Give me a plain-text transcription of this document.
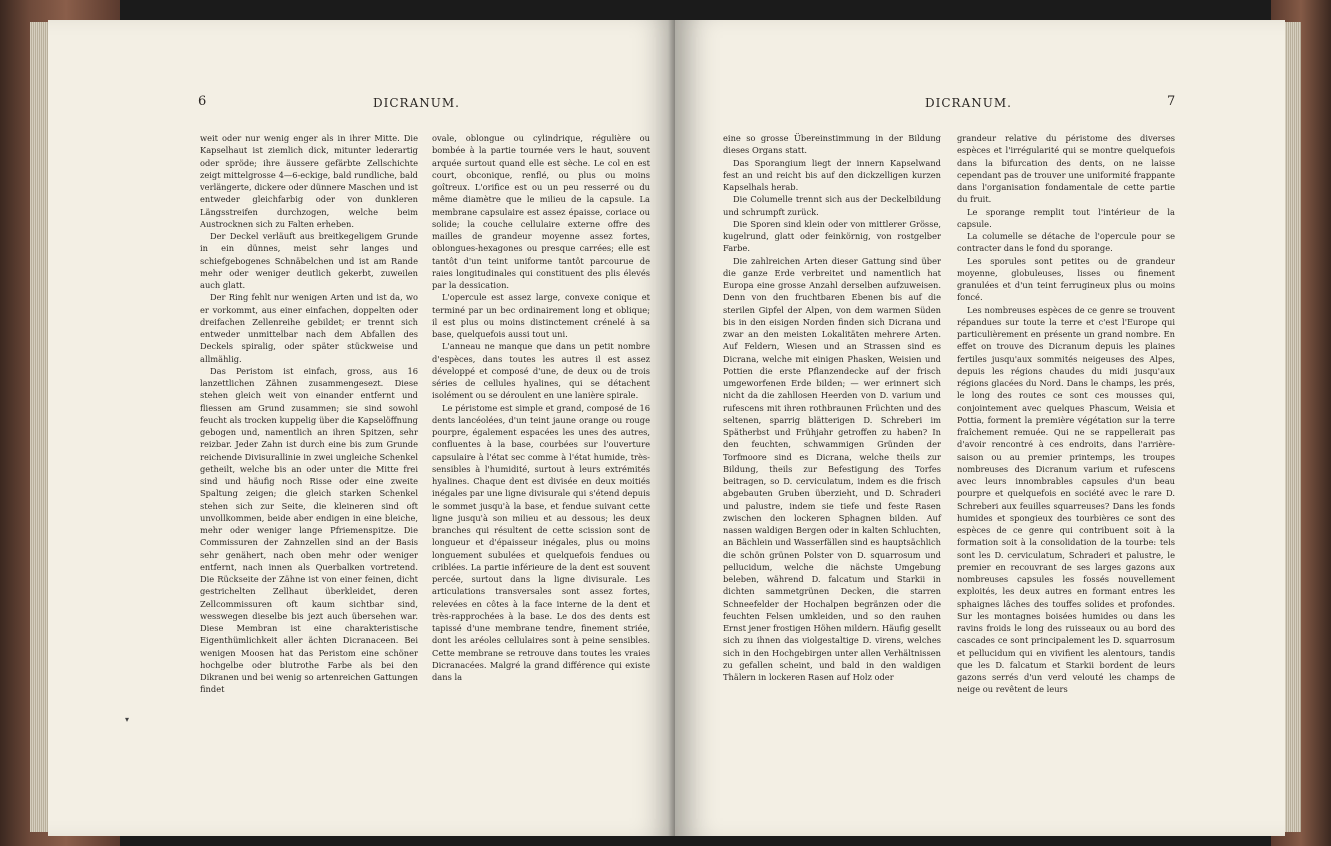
6	DICRANUM.

weit oder nur wenig enger als in ihrer Mitte. Die Kapselhaut ist ziemlich dick, mitunter lederartig oder spröde; ihre äussere gefärbte Zellschichte zeigt mittelgrosse 4—6-eckige, bald rundliche, bald verlängerte, dickere oder dünnere Maschen und ist entweder gleichfarbig oder von dunkleren Längsstreifen durchzogen, welche beim Austrocknen sich zu Falten erheben.

Der Deckel verläuft aus breitkegeligem Grunde in ein dünnes, meist sehr langes und schiefgebogenes Schnäbelchen und ist am Rande mehr oder weniger deutlich gekerbt, zuweilen auch glatt.

Der Ring fehlt nur wenigen Arten und ist da, wo er vorkommt, aus einer einfachen, doppelten oder dreifachen Zellenreihe gebildet; er trennt sich entweder unmittelbar nach dem Abfallen des Deckels spiralig, oder später stückweise und allmählig.

Das Peristom ist einfach, gross, aus 16 lanzettlichen Zähnen zusammengesezt. Diese stehen gleich weit von einander entfernt und fliessen am Grund zusammen; sie sind sowohl feucht als trocken kuppelig über die Kapselöffnung gebogen und, namentlich an ihren Spitzen, sehr reizbar. Jeder Zahn ist durch eine bis zum Grunde reichende Divisurallinie in zwei ungleiche Schenkel getheilt, welche bis an oder unter die Mitte frei sind und häufig noch Risse oder eine zweite Spaltung zeigen; die gleich starken Schenkel stehen sich zur Seite, die kleineren sind oft unvollkommen, beide aber endigen in eine bleiche, mehr oder weniger lange Pfriemenspitze. Die Commissuren der Zahnzellen sind an der Basis sehr genähert, nach oben mehr oder weniger entfernt, nach innen als Querbalken vortretend. Die Rückseite der Zähne ist von einer feinen, dicht gestrichelten Zellhaut überkleidet, deren Zellcommissuren oft kaum sichtbar sind, wesswegen dieselbe bis jezt auch übersehen war. Diese Membran ist eine charakteristische Eigenthümlichkeit aller ächten Dicranaceen. Bei wenigen Moosen hat das Peristom eine schöner hochgelbe oder blutrothe Farbe als bei den Dikranen und bei wenig so artenreichen Gattungen findet

ovale, oblongue ou cylindrique, régulière ou bombée à la partie tournée vers le haut, souvent arquée surtout quand elle est sèche. Le col en est court, obconique, renflé, ou plus ou moins goîtreux. L'orifice est ou un peu resserré ou du même diamètre que le milieu de la capsule. La membrane capsulaire est assez épaisse, coriace ou solide; la couche cellulaire externe offre des mailles de grandeur moyenne assez fortes, oblongues-hexagones ou presque carrées; elle est tantôt d'un teint uniforme tantôt parcourue de raies longitudinales qui constituent des plis élevés par la dessication.

L'opercule est assez large, convexe conique et terminé par un bec ordinairement long et oblique; il est plus ou moins distinctement crénelé à sa base, quelquefois aussi tout uni.

L'anneau ne manque que dans un petit nombre d'espèces, dans toutes les autres il est assez développé et composé d'une, de deux ou de trois séries de cellules hyalines, qui se détachent isolément ou se déroulent en une lanière spirale.

Le péristome est simple et grand, composé de 16 dents lancéolées, d'un teint jaune orange ou rouge pourpre, également espacées les unes des autres, confluentes à la base, courbées sur l'ouverture capsulaire à l'état sec comme à l'état humide, très-sensibles à l'humidité, surtout à leurs extrémités hyalines. Chaque dent est divisée en deux moitiés inégales par une ligne divisurale qui s'étend depuis le sommet jusqu'à la base, et fendue suivant cette ligne jusqu'à son milieu et au dessous; les deux branches qui résultent de cette scission sont de longueur et d'épaisseur inégales, plus ou moins longuement subulées et quelquefois fendues ou criblées. La partie inférieure de la dent est souvent percée, surtout dans la ligne divisurale. Les articulations transversales sont assez fortes, relevées en côtes à la face interne de la dent et très-rapprochées à la base. Le dos des dents est tapissé d'une membrane tendre, finement striée, dont les aréoles cellulaires sont à peine sensibles. Cette membrane se retrouve dans toutes les vraies Dicranacées. Malgré la grand différence qui existe dans la

▾
DICRANUM.	7

eine so grosse Übereinstimmung in der Bildung dieses Organs statt.

Das Sporangium liegt der innern Kapselwand fest an und reicht bis auf den dickzelligen kurzen Kapselhals herab.

Die Columelle trennt sich aus der Deckelbildung und schrumpft zurück.

Die Sporen sind klein oder von mittlerer Grösse, kugelrund, glatt oder feinkörnig, von rostgelber Farbe.

Die zahlreichen Arten dieser Gattung sind über die ganze Erde verbreitet und namentlich hat Europa eine grosse Anzahl derselben aufzuweisen. Denn von den fruchtbaren Ebenen bis auf die sterilen Gipfel der Alpen, von dem warmen Süden bis in den eisigen Norden finden sich Dicrana und zwar an den meisten Lokalitäten mehrere Arten. Auf Feldern, Wiesen und an Strassen sind es Dicrana, welche mit einigen Phasken, Weisien und Pottien die erste Pflanzendecke auf der frisch umgeworfenen Erde bilden; — wer erinnert sich nicht da die zahllosen Heerden von D. varium und rufescens mit ihren rothbraunen Früchten und des seltenen, sparrig blätterigen D. Schreberi im Spätherbst und Frühjahr getroffen zu haben? In den feuchten, schwammigen Gründen der Torfmoore sind es Dicrana, welche theils zur Bildung, theils zur Befestigung des Torfes beitragen, so D. cerviculatum, indem es die frisch abgebauten Gruben überzieht, und D. Schraderi und palustre, indem sie tiefe und feste Rasen zwischen den lockeren Sphagnen bilden. Auf nassen waldigen Bergen oder in kalten Schluchten, an Bächlein und Wasserfällen sind es hauptsächlich die schön grünen Polster von D. squarrosum und pellucidum, welche die nächste Umgebung beleben, während D. falcatum und Starkii in dichten sammetgrünen Decken, die starren Schneefelder der Hochalpen begränzen oder die feuchten Felsen umkleiden, und so den rauhen Ernst jener frostigen Höhen mildern. Häufig gesellt sich zu ihnen das violgestaltige D. virens, welches sich in den Hochgebirgen unter allen Verhältnissen zu gefallen scheint, und bald in den waldigen Thälern in lockeren Rasen auf Holz oder

grandeur relative du péristome des diverses espèces et l'irrégularité qui se montre quelquefois dans la bifurcation des dents, on ne laisse cependant pas de trouver une uniformité frappante dans l'organisation fondamentale de cette partie du fruit.

Le sporange remplit tout l'intérieur de la capsule.

La columelle se détache de l'opercule pour se contracter dans le fond du sporange.

Les sporules sont petites ou de grandeur moyenne, globuleuses, lisses ou finement granulées et d'un teint ferrugineux plus ou moins foncé.

Les nombreuses espèces de ce genre se trouvent répandues sur toute la terre et c'est l'Europe qui particulièrement en présente un grand nombre. En effet on trouve des Dicranum depuis les plaines fertiles jusqu'aux sommités neigeuses des Alpes, depuis les régions chaudes du midi jusqu'aux régions glacées du Nord. Dans le champs, les prés, le long des routes ce sont ces mousses qui, conjointement avec quelques Phascum, Weisia et Pottia, forment la première végétation sur la terre fraîchement remuée. Qui ne se rappellerait pas d'avoir rencontré à ces endroits, dans l'arrière-saison ou au premier printemps, les troupes nombreuses des Dicranum varium et rufescens avec leurs innombrables capsules d'un beau pourpre et quelquefois en société avec le rare D. Schreberi aux feuilles squarreuses? Dans les fonds humides et spongieux des tourbières ce sont des espèces de ce genre qui contribuent soit à la formation soit à la consolidation de la tourbe: tels sont les D. cerviculatum, Schraderi et palustre, le premier en recouvrant de ses larges gazons aux nombreuses capsules les fossés nouvellement exploités, les deux autres en formant entres les sphaignes lâches des touffes solides et profondes. Sur les montagnes boisées humides ou dans les ravins froids le long des ruisseaux ou au bord des cascades ce sont principalement les D. squarrosum et pellucidum qui en vivifient les alentours, tandis que les D. falcatum et Starkii bordent de leurs gazons serrés d'un verd velouté les champs de neige ou revêtent de leurs
